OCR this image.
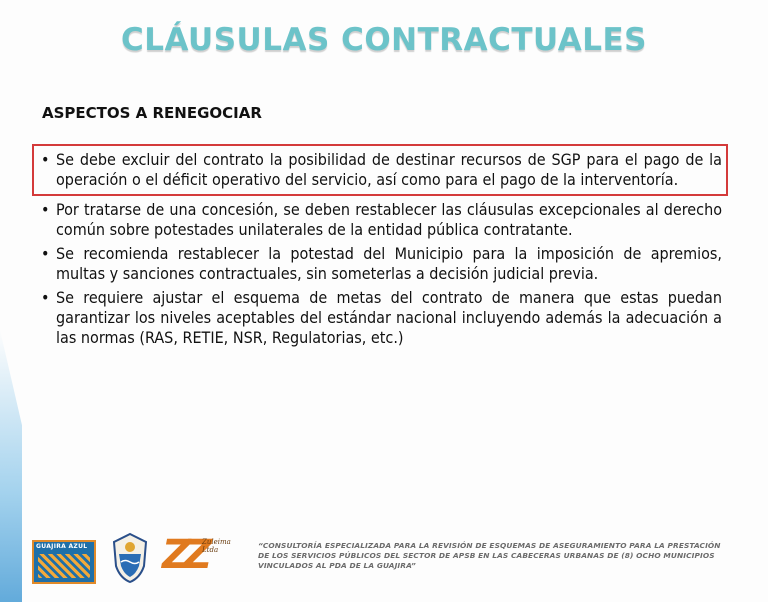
CLÁUSULAS CONTRACTUALES
ASPECTOS A RENEGOCIAR
• Se debe excluir del contrato la posibilidad de destinar recursos de SGP para el pago de la operación o el déficit operativo del servicio, así como para el pago de la interventoría.
• Por tratarse de una concesión, se deben restablecer las cláusulas excepcionales al derecho común sobre potestades unilaterales de la entidad pública contratante.
• Se recomienda restablecer la potestad del Municipio para la imposición de apremios, multas y sanciones contractuales, sin someterlas a decisión judicial previa.
• Se requiere ajustar el esquema de metas del contrato de manera que estas puedan garantizar los niveles aceptables del estándar nacional incluyendo además la adecuación a las normas (RAS, RETIE, NSR, Regulatorias, etc.)
GUAJIRA AZUL ZZ
Zuleima Ltda	“CONSULTORÍA ESPECIALIZADA PARA LA REVISIÓN DE ESQUEMAS DE ASEGURAMIENTO PARA LA PRESTACIÓN DE LOS SERVICIOS PÚBLICOS DEL SECTOR DE APSB EN LAS CABECERAS URBANAS DE (8) OCHO MUNICIPIOS VINCULADOS AL PDA DE LA GUAJIRA”
